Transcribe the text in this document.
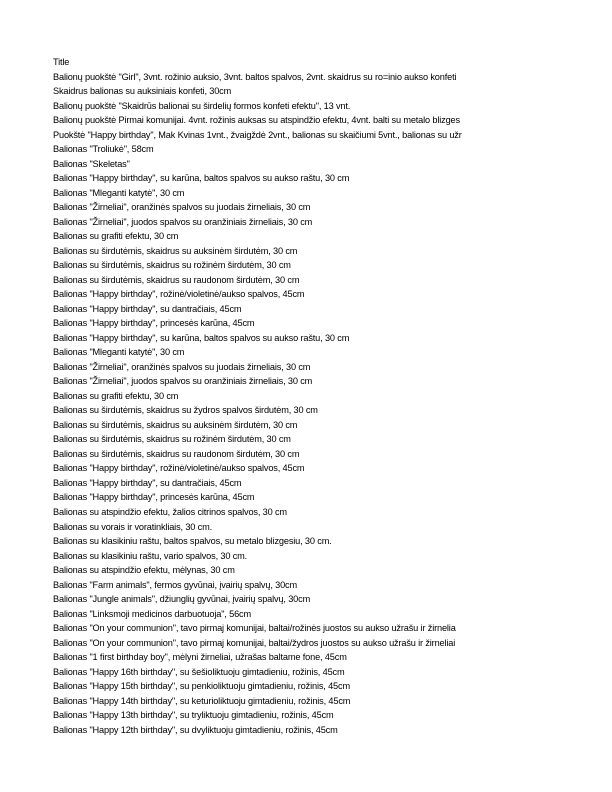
Title
Balionų puokštė "Girl", 3vnt. rožinio auksio, 3vnt. baltos spalvos, 2vnt. skaidrus su ro=inio aukso konfeti
Skaidrus balionas su auksiniais konfeti, 30cm
Balionų puokštė "Skaidrūs balionai su širdelių formos konfeti efektu", 13 vnt.
Balionų puokštė Pirmai komunijai. 4vnt. rožinis auksas su atspindžio efektu, 4vnt. balti su metalo blizges
Puokštė "Happy birthday", Mak Kvinas 1vnt., žvaigždė 2vnt., balionas su skaičiumi 5vnt., balionas su užr
Balionas "Troliukė", 58cm
Balionas "Skeletas"
Balionas "Happy birthday", su karūna, baltos spalvos su aukso raštu, 30 cm
Balionas "Mleganti katytė", 30 cm
Balionas "Žirneliai", oranžinės spalvos su juodais žirneliais, 30 cm
Balionas "Žirneliai", juodos spalvos su oranžiniais žirneliais, 30 cm
Balionas su grafiti efektu, 30 cm
Balionas su širdutėmis, skaidrus su auksinėm širdutėm, 30 cm
Balionas su širdutėmis, skaidrus su rožinėm širdutėm, 30 cm
Balionas su širdutėmis, skaidrus su raudonom širdutėm, 30 cm
Balionas "Happy birthday", rožinė/violetinė/aukso spalvos, 45cm
Balionas "Happy birthday", su dantračiais, 45cm
Balionas "Happy birthday", princesės karūna, 45cm
Balionas "Happy birthday", su karūna, baltos spalvos su aukso raštu, 30 cm
Balionas "Mleganti katytė", 30 cm
Balionas "Žirneliai", oranžinės spalvos su juodais žirneliais, 30 cm
Balionas "Žirneliai", juodos spalvos su oranžiniais žirneliais, 30 cm
Balionas su grafiti efektu, 30 cm
Balionas su širdutėmis, skaidrus su žydros spalvos širdutėm, 30 cm
Balionas su širdutėmis, skaidrus su auksinėm širdutėm, 30 cm
Balionas su širdutėmis, skaidrus su rožinėm širdutėm, 30 cm
Balionas su širdutėmis, skaidrus su raudonom širdutėm, 30 cm
Balionas "Happy birthday", rožinė/violetinė/aukso spalvos, 45cm
Balionas "Happy birthday", su dantračiais, 45cm
Balionas "Happy birthday", princesės karūna, 45cm
Balionas su atspindžio efektu, žalios citrinos spalvos, 30 cm
Balionas su vorais ir voratinkliais, 30 cm.
Balionas su klasikiniu raštu, baltos spalvos, su metalo blizgesiu, 30 cm.
Balionas su klasikiniu raštu, vario spalvos, 30 cm.
Balionas su atspindžio efektu, mėlynas, 30 cm
Balionas "Farm animals", fermos gyvūnai, įvairių spalvų, 30cm
Balionas "Jungle animals", džiunglių gyvūnai, įvairių spalvų, 30cm
Balionas "Linksmoji medicinos darbuotuoja", 56cm
Balionas "On your communion", tavo pirmaj komunijai, baltai/rožinės juostos su aukso užrašu ir žirnelia
Balionas "On your communion", tavo pirmaj komunijai, baltai/žydros juostos su aukso užrašu ir žirneliai
Balionas "1 first birthday boy", mėlyni žirneliai, užrašas baltame fone, 45cm
Balionas "Happy 16th birthday", su šešioliktuoju gimtadieniu, rožinis, 45cm
Balionas "Happy 15th birthday", su penkioliktuoju gimtadieniu, rožinis, 45cm
Balionas "Happy 14th birthday", su keturioliktuoju gimtadieniu, rožinis, 45cm
Balionas "Happy 13th birthday", su tryliktuoju gimtadieniu, rožinis, 45cm
Balionas "Happy 12th birthday", su dvyliktuoju gimtadieniu, rožinis, 45cm
